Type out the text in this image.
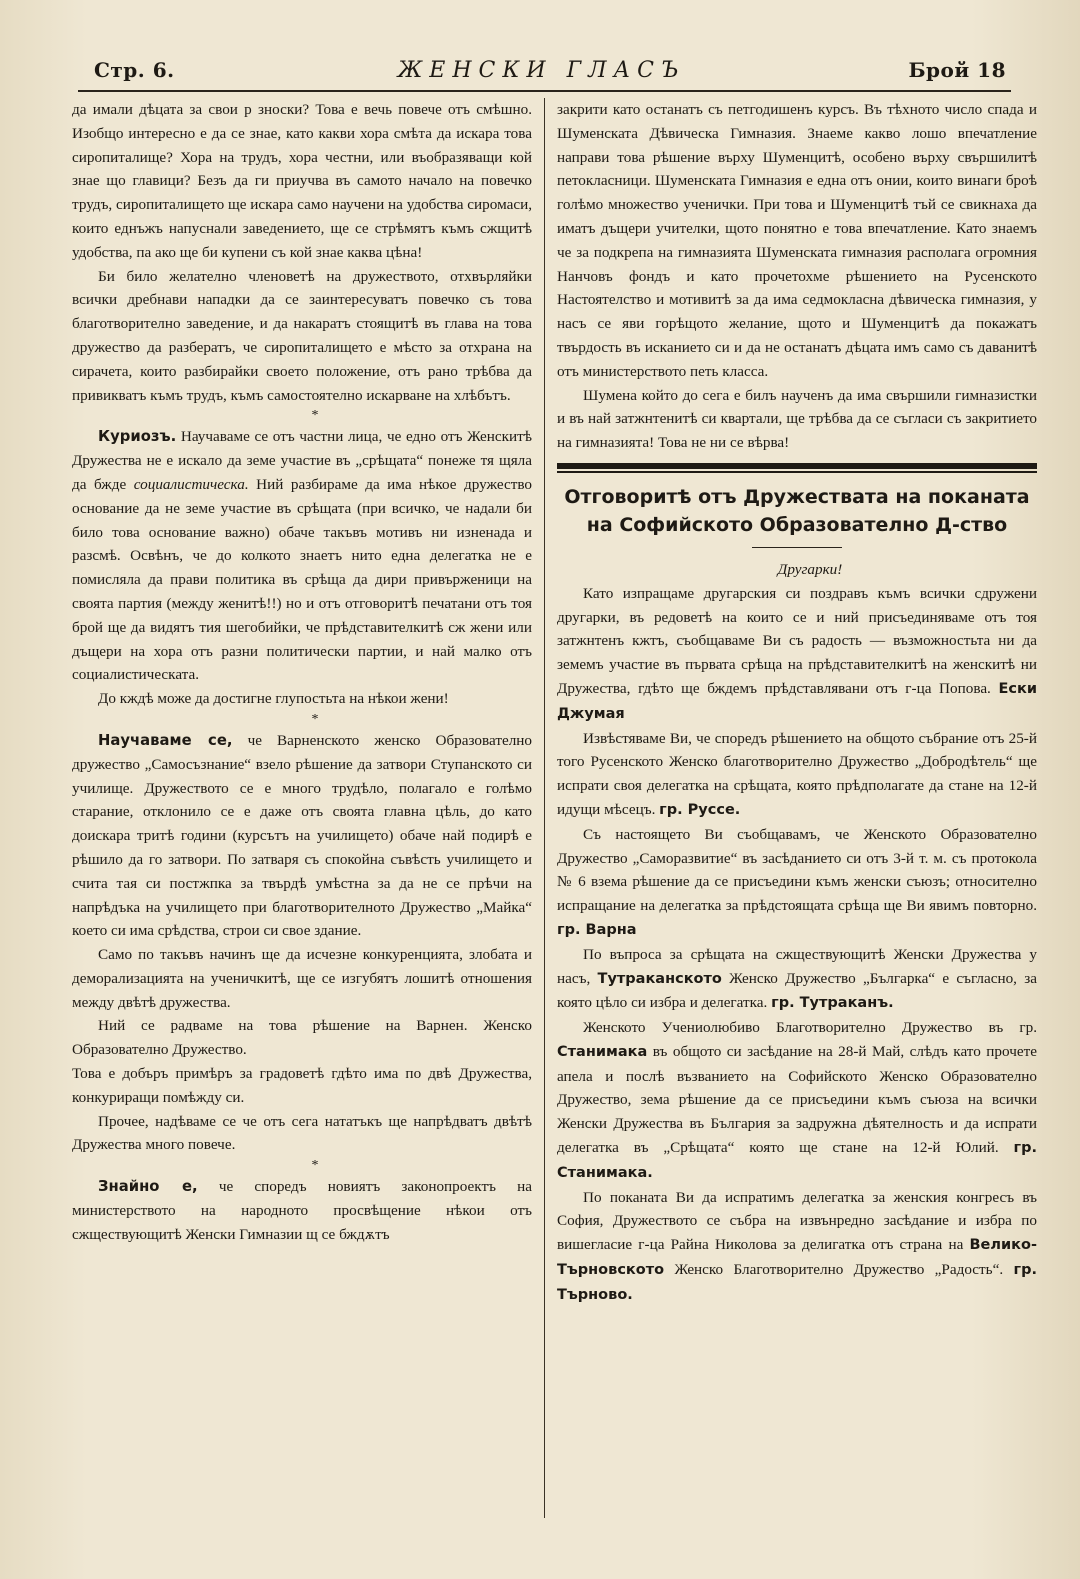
Стр. 6.	ЖЕНСКИ ГЛАСЪ	Брой 18

да имали дѣцата за свои р зноски? Това е вечь повече отъ смѣшно. Изобщо интересно е да се знае, като какви хора смѣта да искара това сиропиталище? Хора на трудъ, хора честни, или въобразяващи кой знае що главици? Безъ да ги приучва въ самото начало на повечко трудъ, сиропиталището ще искара само научени на удобства сиромаси, които еднъжъ напуснали заведението, ще се стрѣмятъ къмъ сжщитѣ удобства, па ако ще би купени съ кой знае каква цѣна!

Би било желателно членоветѣ на дружеството, отхвърляйки всички дребнави нападки да се заинтересуватъ повечко съ това благотворително заведение, и да накаратъ стоящитѣ въ глава на това дружество да разбератъ, че сиропиталището е мѣсто за отхрана на сирачета, които разбирайки своето положение, отъ рано трѣбва да привикватъ къмъ трудъ, къмъ самостоятелно искарване на хлѣбътъ.

*

Куриозъ. Научаваме се отъ частни лица, че едно отъ Женскитѣ Дружества не е искало да земе участие въ „срѣщата“ понеже тя щяла да бжде социалистическа. Ний разбираме да има нѣкое дружество основание да не земе участие въ срѣщата (при всичко, че надали би било това основание важно) обаче такъвъ мотивъ ни изненада и разсмѣ. Освѣнъ, че до колкото знаетъ нито една делегатка не е помисляла да прави политика въ срѣща да дири привърженици на своята партия (между женитѣ!!) но и отъ отговоритѣ печатани отъ тоя брой ще да видятъ тия шегобийки, че прѣдставителкитѣ сж жени или дъщери на хора отъ разни политически партии, и най малко отъ социалистическата.

До кждѣ може да достигне глупостьта на нѣкои жени!

*

Научаваме се, че Варненското женско Образователно дружество „Самосъзнание“ взело рѣшение да затвори Ступанското си училище. Дружеството се е много трудѣло, полагало е голѣмо старание, отклонило се е даже отъ своята главна цѣль, до като доискара тритѣ години (курсътъ на училището) обаче най подирѣ е рѣшило да го затвори. По затваря съ спокойна съвѣсть училището и счита тая си постжпка за твърдѣ умѣстна за да не се прѣчи на напрѣдъка на училището при благотворителното Дружество „Майка“ което си има срѣдства, строи си свое здание.

Само по такъвъ начинъ ще да исчезне конкуренцията, злобата и деморализацията на ученичкитѣ, ще се изгубятъ лошитѣ отношения между двѣтѣ дружества.

Ний се радваме на това рѣшение на Варнен. Женско Образователно Дружество.

Това е добъръ примѣръ за градоветѣ гдѣто има по двѣ Дружества, конкуриращи помѣжду си.

Прочее, надѣваме се че отъ сега нататъкъ ще напрѣдватъ двѣтѣ Дружества много повече.

*

Знайно е, че споредъ новиятъ законопроектъ на министерството на народното просвѣщение нѣкои отъ сжществующитѣ Женски Гимназии щ се бждѫтъ

закрити като останатъ съ петгодишенъ курсъ. Въ тѣхното число спада и Шуменската Дѣвическа Гимназия. Знаеме какво лошо впечатление направи това рѣшение върху Шуменцитѣ, особено върху свършилитѣ петокласници. Шуменската Гимназия е една отъ онии, които винаги броѣ голѣмо множество ученички. При това и Шуменцитѣ тъй се свикнаха да иматъ дъщери учителки, щото понятно е това впечатление. Като знаемъ че за подкрепа на гимназията Шуменската гимназия располага огромния Нанчовъ фондъ и като прочетохме рѣшението на Русенското Настоятелство и мотивитѣ за да има седмокласна дѣвическа гимназия, у насъ се яви горѣщото желание, щото и Шуменцитѣ да покажатъ твърдость въ исканието си и да не останатъ дѣцата имъ само съ даванитѣ отъ министерството петь класса.

Шумена който до сега е билъ наученъ да има свършили гимназистки и въ най затжнтенитѣ си квартали, ще трѣбва да се съгласи съ закритието на гимназията! Това не ни се вѣрва!

Отговоритѣ отъ Дружествата на поканата
на Софийското Образователно Д-ство

Другарки!

Като изпращаме другарския си поздравъ къмъ всички сдружени другарки, въ редоветѣ на които се и ний присъединяваме отъ тоя затжнтенъ кжтъ, съобщаваме Ви съ радость — възможностьта ни да земемъ участие въ първата срѣща на прѣдставителкитѣ на женскитѣ ни Дружества, гдѣто ще бждемъ прѣдставлявани отъ г-ца Попова. Ески Джумая

Извѣстяваме Ви, че споредъ рѣшението на общото събрание отъ 25-й того Русенското Женско благотворително Дружество „Добродѣтель“ ще испрати своя делегатка на срѣщата, която прѣдполагате да стане на 12-й идущи мѣсецъ. гр. Руссе.

Съ настоящето Ви съобщавамъ, че Женското Образователно Дружество „Саморазвитие“ въ засѣданието си отъ 3-й т. м. съ протокола № 6 взема рѣшение да се присъедини къмъ женски съюзъ; относително испращание на делегатка за прѣдстоящата срѣща ще Ви явимъ повторно. гр. Варна

По въпроса за срѣщата на сжществующитѣ Женски Дружества у насъ, Тутраканското Женско Дружество „Българка“ е съгласно, за която цѣло си избра и делегатка. гр. Тутраканъ.

Женското Учениолюбиво Благотворително Дружество въ гр. Станимака въ общото си засѣдание на 28-й Май, слѣдъ като прочете апела и послѣ възванието на Софийското Женско Образователно Дружество, зема рѣшение да се присъедини къмъ съюза на всички Женски Дружества въ България за задружна дѣятелность и да испрати делегатка въ „Срѣщата“ която ще стане на 12-й Юлий. гр. Станимака.

По поканата Ви да испратимъ делегатка за женския конгресъ въ София, Дружеството се събра на извънредно засѣдание и избра по вишегласие г-ца Райна Николова за делигатка отъ страна на Велико-Търновското Женско Благотворително Дружество „Радость“. гр. Търново.
